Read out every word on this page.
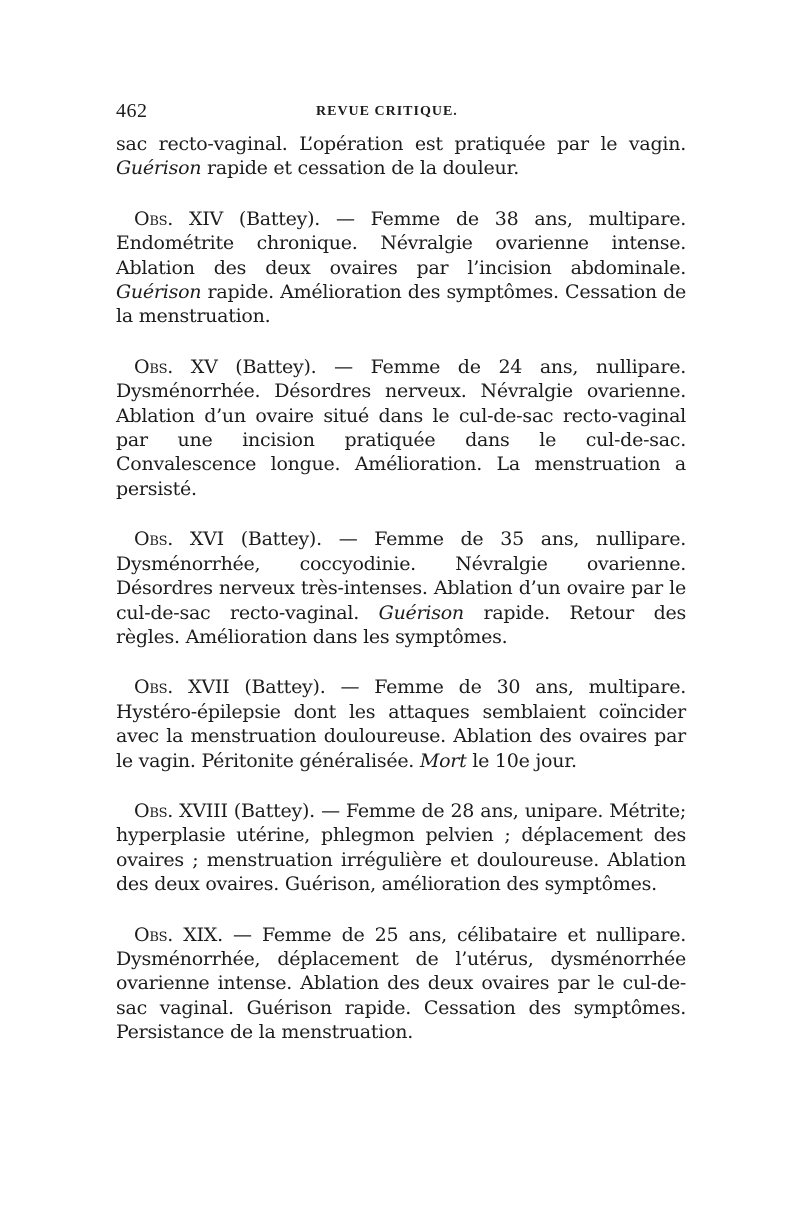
462	REVUE CRITIQUE.

sac recto-vaginal. L’opération est pratiquée par le vagin. Guérison rapide et cessation de la douleur.

Obs. XIV (Battey). — Femme de 38 ans, multipare. Endométrite chronique. Névralgie ovarienne intense. Ablation des deux ovaires par l’incision abdominale. Guérison rapide. Amélioration des symptômes. Cessation de la menstruation.

Obs. XV (Battey). — Femme de 24 ans, nullipare. Dysménorrhée. Désordres nerveux. Névralgie ovarienne. Ablation d’un ovaire situé dans le cul-de-sac recto-vaginal par une incision pratiquée dans le cul-de-sac. Convalescence longue. Amélioration. La menstruation a persisté.

Obs. XVI (Battey). — Femme de 35 ans, nullipare. Dysménorrhée, coccyodinie. Névralgie ovarienne. Désordres nerveux très-intenses. Ablation d’un ovaire par le cul-de-sac recto-vaginal. Guérison rapide. Retour des règles. Amélioration dans les symptômes.

Obs. XVII (Battey). — Femme de 30 ans, multipare. Hystéro-épilepsie dont les attaques semblaient coïncider avec la menstruation douloureuse. Ablation des ovaires par le vagin. Péritonite généralisée. Mort le 10e jour.

Obs. XVIII (Battey). — Femme de 28 ans, unipare. Métrite; hyperplasie utérine, phlegmon pelvien ; déplacement des ovaires ; menstruation irrégulière et douloureuse. Ablation des deux ovaires. Guérison, amélioration des symptômes.

Obs. XIX. — Femme de 25 ans, célibataire et nullipare. Dysménorrhée, déplacement de l’utérus, dysménorrhée ovarienne intense. Ablation des deux ovaires par le cul-de-sac vaginal. Guérison rapide. Cessation des symptômes. Persistance de la menstruation.
